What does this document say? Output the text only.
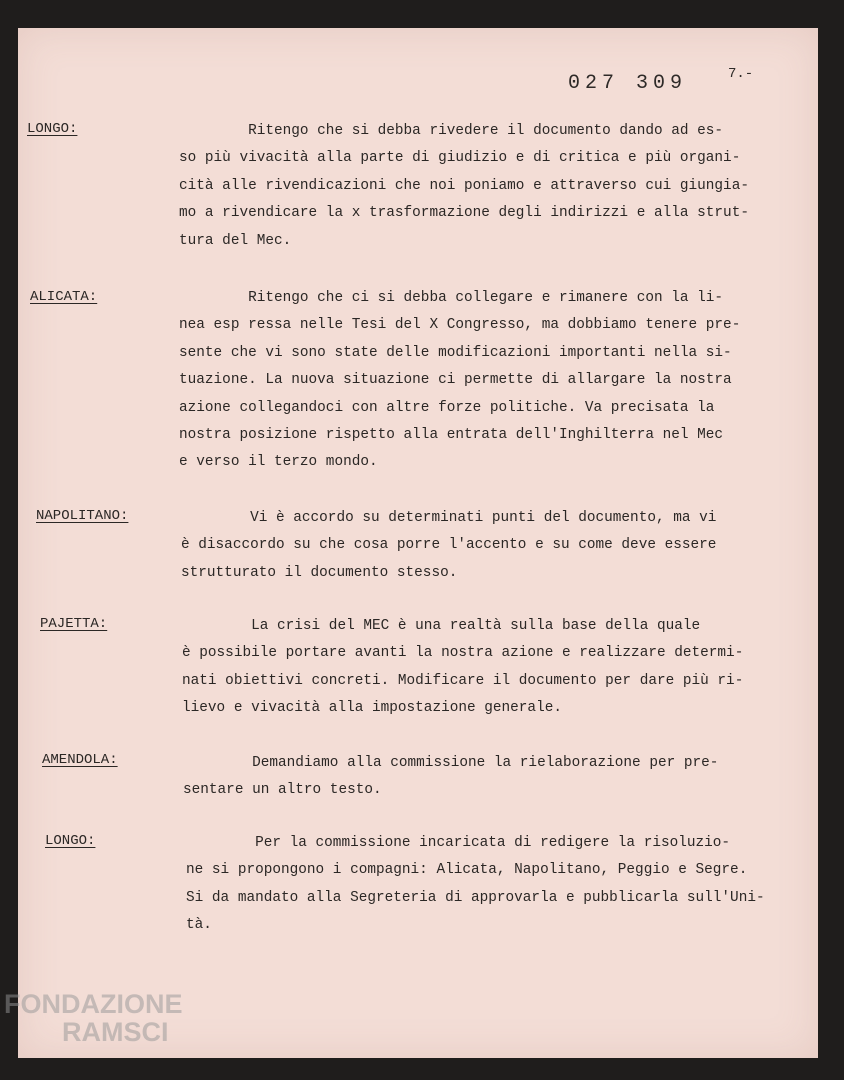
027 309	7.-
LONGO:	Ritengo che si debba rivedere il documento dando ad es-
so più vivacità alla parte di giudizio e di critica e più organi-
cità alle rivendicazioni che noi poniamo e attraverso cui giungia-
mo a rivendicare la x trasformazione degli indirizzi e alla strut-
tura del Mec.

ALICATA:	Ritengo che ci si debba collegare e rimanere con la li-
nea esp ressa nelle Tesi del X Congresso, ma dobbiamo tenere pre-
sente che vi sono state delle modificazioni importanti nella si-
tuazione. La nuova situazione ci permette di allargare la nostra
azione collegandoci con altre forze politiche. Va precisata la
nostra posizione rispetto alla entrata dell'Inghilterra nel Mec
e verso il terzo mondo.

NAPOLITANO:	Vi è accordo su determinati punti del documento, ma vi
è disaccordo su che cosa porre l'accento e su come deve essere
strutturato il documento stesso.

PAJETTA:	La crisi del MEC è una realtà sulla base della quale
è possibile portare avanti la nostra azione e realizzare determi-
nati obiettivi concreti. Modificare il documento per dare più ri-
lievo e vivacità alla impostazione generale.

AMENDOLA:	Demandiamo alla commissione la rielaborazione per pre-
sentare un altro testo.

LONGO:	Per la commissione incaricata di redigere la risoluzio-
ne si propongono i compagni: Alicata, Napolitano, Peggio e Segre.
Si da mandato alla Segreteria di approvarla e pubblicarla sull'Uni-
tà.

FONDAZIONE
RAMSCI
